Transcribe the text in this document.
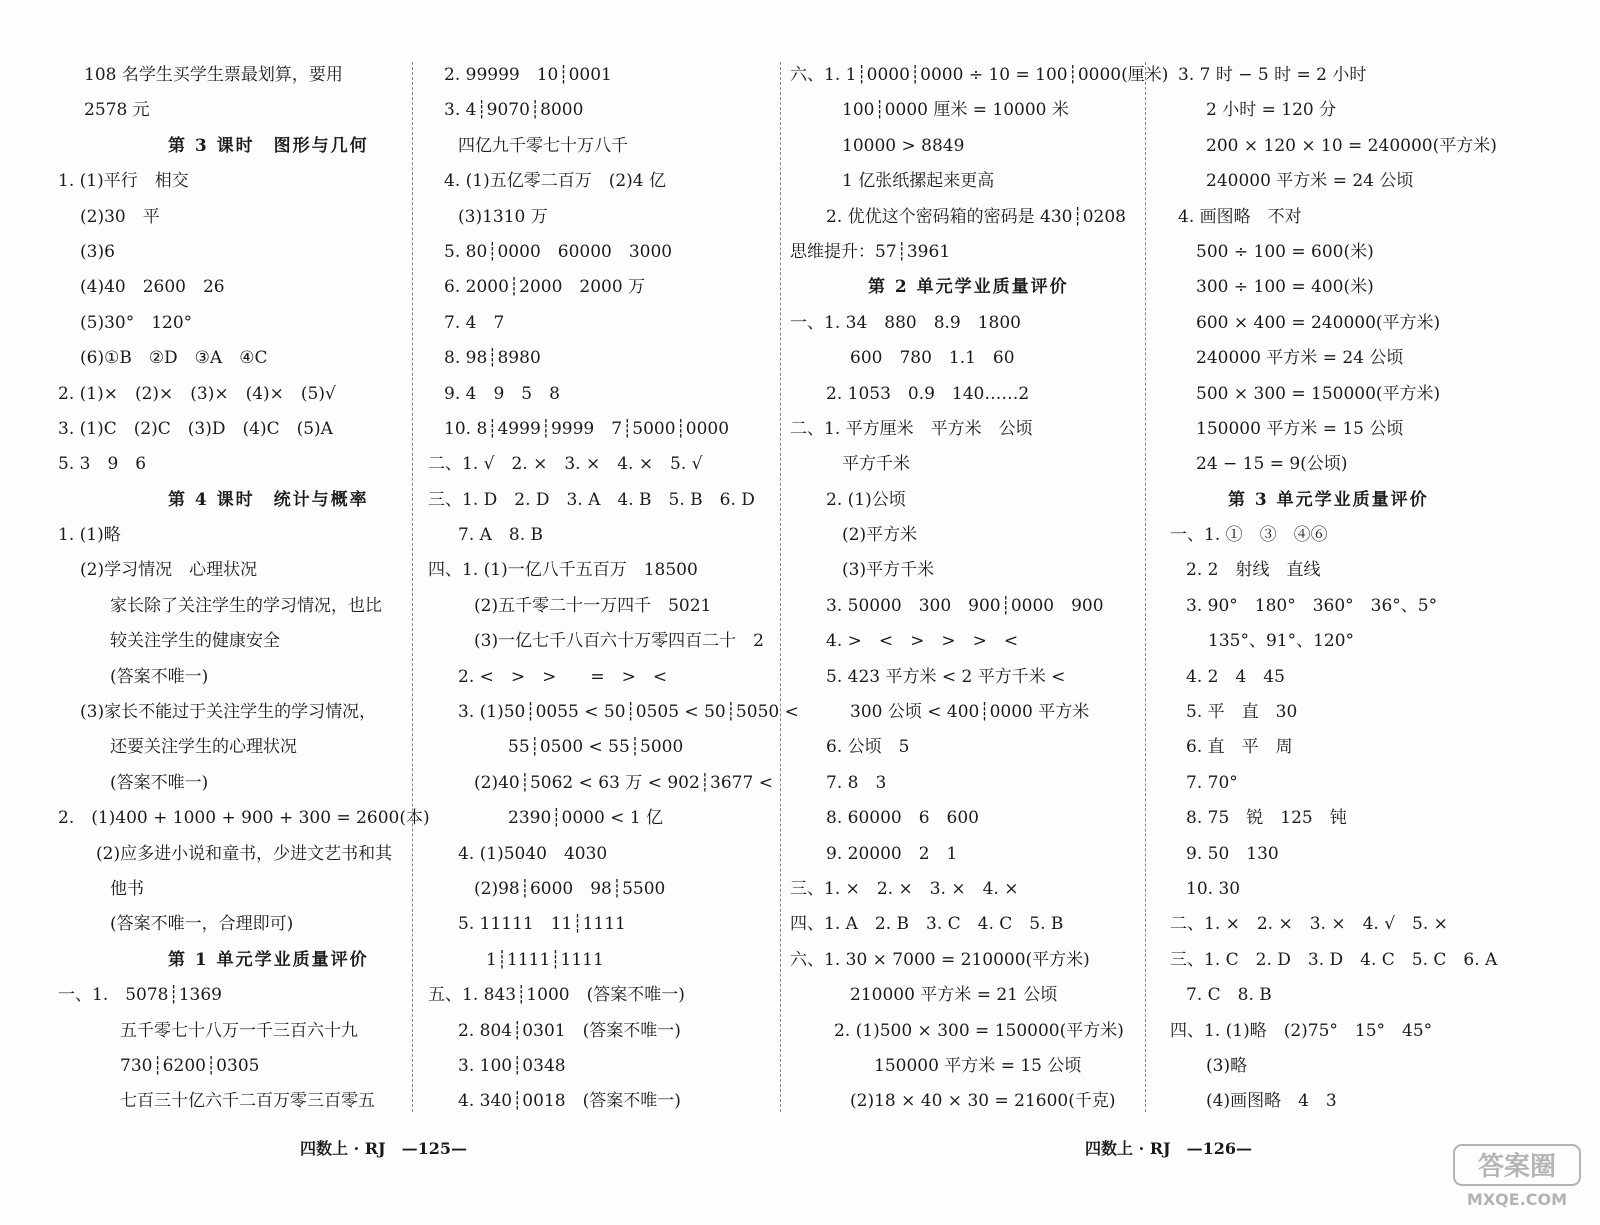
108 名学生买学生票最划算，要用
2578 元
第 3 课时　图形与几何
1. (1)平行　相交
(2)30　平
(3)6
(4)40　2600　26
(5)30°　120°
(6)①B　②D　③A　④C
2. (1)×　(2)×　(3)×　(4)×　(5)√
3. (1)C　(2)C　(3)D　(4)C　(5)A
5. 3　9　6
第 4 课时　统计与概率
1. (1)略
(2)学习情况　心理状况
家长除了关注学生的学习情况，也比
较关注学生的健康安全
(答案不唯一)
(3)家长不能过于关注学生的学习情况，
还要关注学生的心理状况
(答案不唯一)
2.　(1)400 + 1000 + 900 + 300 = 2600(本)
(2)应多进小说和童书，少进文艺书和其
他书
(答案不唯一，合理即可)
第 1 单元学业质量评价
一、1.　5078┊1369
五千零七十八万一千三百六十九
730┊6200┊0305
七百三十亿六千二百万零三百零五
2. 99999　10┊0001
3. 4┊9070┊8000
四亿九千零七十万八千
4. (1)五亿零二百万　(2)4 亿
(3)1310 万
5. 80┊0000　60000　3000
6. 2000┊2000　2000 万
7. 4　7
8. 98┊8980
9. 4　9　5　8
10. 8┊4999┊9999　7┊5000┊0000
二、1. √　2. ×　3. ×　4. ×　5. √
三、1. D　2. D　3. A　4. B　5. B　6. D
7. A　8. B
四、1. (1)一亿八千五百万　18500
(2)五千零二十一万四千　5021
(3)一亿七千八百六十万零四百二十　2
2. <　>　>　　=　>　<
3. (1)50┊0055 < 50┊0505 < 50┊5050 <
55┊0500 < 55┊5000
(2)40┊5062 < 63 万 < 902┊3677 <
2390┊0000 < 1 亿
4. (1)5040　4030
(2)98┊6000　98┊5500
5. 11111　11┊1111
1┊1111┊1111
五、1. 843┊1000　(答案不唯一)
2. 804┊0301　(答案不唯一)
3. 100┊0348
4. 340┊0018　(答案不唯一)
六、1. 1┊0000┊0000 ÷ 10 = 100┊0000(厘米)
100┊0000 厘米 = 10000 米
10000 > 8849
1 亿张纸摞起来更高
2. 优优这个密码箱的密码是 430┊0208
思维提升：57┊3961
第 2 单元学业质量评价
一、1. 34　880　8.9　1800
600　780　1.1　60
2. 1053　0.9　140……2
二、1. 平方厘米　平方米　公顷
平方千米
2. (1)公顷
(2)平方米
(3)平方千米
3. 50000　300　900┊0000　900
4. >　<　>　>　>　<
5. 423 平方米 < 2 平方千米 <
300 公顷 < 400┊0000 平方米
6. 公顷　5
7. 8　3
8. 60000　6　600
9. 20000　2　1
三、1. ×　2. ×　3. ×　4. ×
四、1. A　2. B　3. C　4. C　5. B
六、1. 30 × 7000 = 210000(平方米)
210000 平方米 = 21 公顷
2. (1)500 × 300 = 150000(平方米)
150000 平方米 = 15 公顷
(2)18 × 40 × 30 = 21600(千克)
3. 7 时 − 5 时 = 2 小时
2 小时 = 120 分
200 × 120 × 10 = 240000(平方米)
240000 平方米 = 24 公顷
4. 画图略　不对
500 ÷ 100 = 600(米)
300 ÷ 100 = 400(米)
600 × 400 = 240000(平方米)
240000 平方米 = 24 公顷
500 × 300 = 150000(平方米)
150000 平方米 = 15 公顷
24 − 15 = 9(公顷)
第 3 单元学业质量评价
一、1. ①　③　④⑥
2. 2　射线　直线
3. 90°　180°　360°　36°、5°
135°、91°、120°
4. 2　4　45
5. 平　直　30
6. 直　平　周
7. 70°
8. 75　锐　125　钝
9. 50　130
10. 30
二、1. ×　2. ×　3. ×　4. √　5. ×
三、1. C　2. D　3. D　4. C　5. C　6. A
7. C　8. B
四、1. (1)略　(2)75°　15°　45°
(3)略
(4)画图略　4　3
四数上 · RJ　—125—	四数上 · RJ　—126—
答案圈
MXQE.COM
